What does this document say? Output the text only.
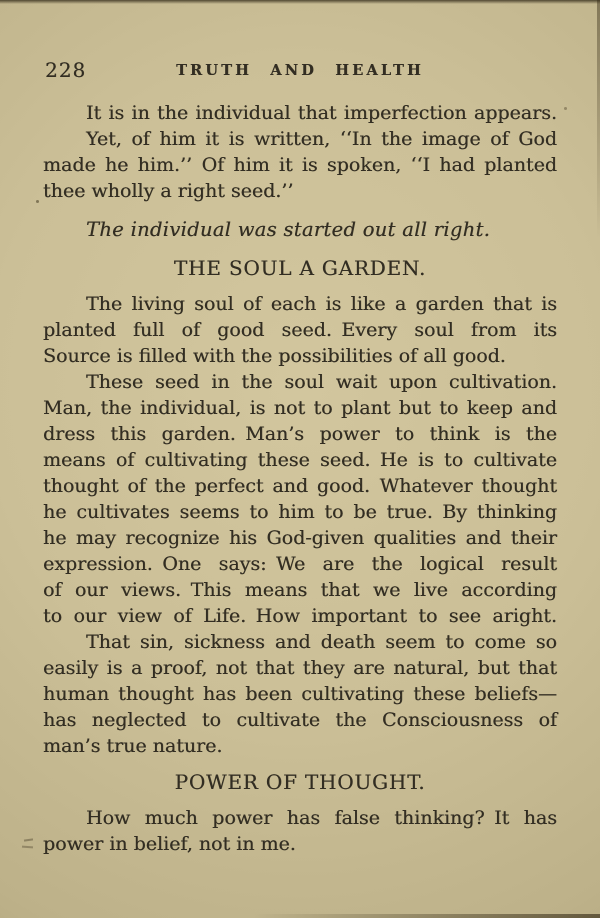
228	TRUTH AND HEALTH
It is in the individual that imperfection appears.
Yet, of him it is written, ‘‘In the image of God
made he him.’’ Of him it is spoken, ‘‘I had planted
thee wholly a right seed.’’
The individual was started out all right.
THE SOUL A GARDEN.
The living soul of each is like a garden that is
planted full of good seed. Every soul from its
Source is filled with the possibilities of all good.
These seed in the soul wait upon cultivation.
Man, the individual, is not to plant but to keep and
dress this garden. Man’s power to think is the
means of cultivating these seed. He is to cultivate
thought of the perfect and good. Whatever thought
he cultivates seems to him to be true. By thinking
he may recognize his God-given qualities and their
expression. One says: We are the logical result
of our views. This means that we live according
to our view of Life. How important to see aright.
That sin, sickness and death seem to come so
easily is a proof, not that they are natural, but that
human thought has been cultivating these beliefs—
has neglected to cultivate the Consciousness of
man’s true nature.
POWER OF THOUGHT.
How much power has false thinking? It has
power in belief, not in me.
